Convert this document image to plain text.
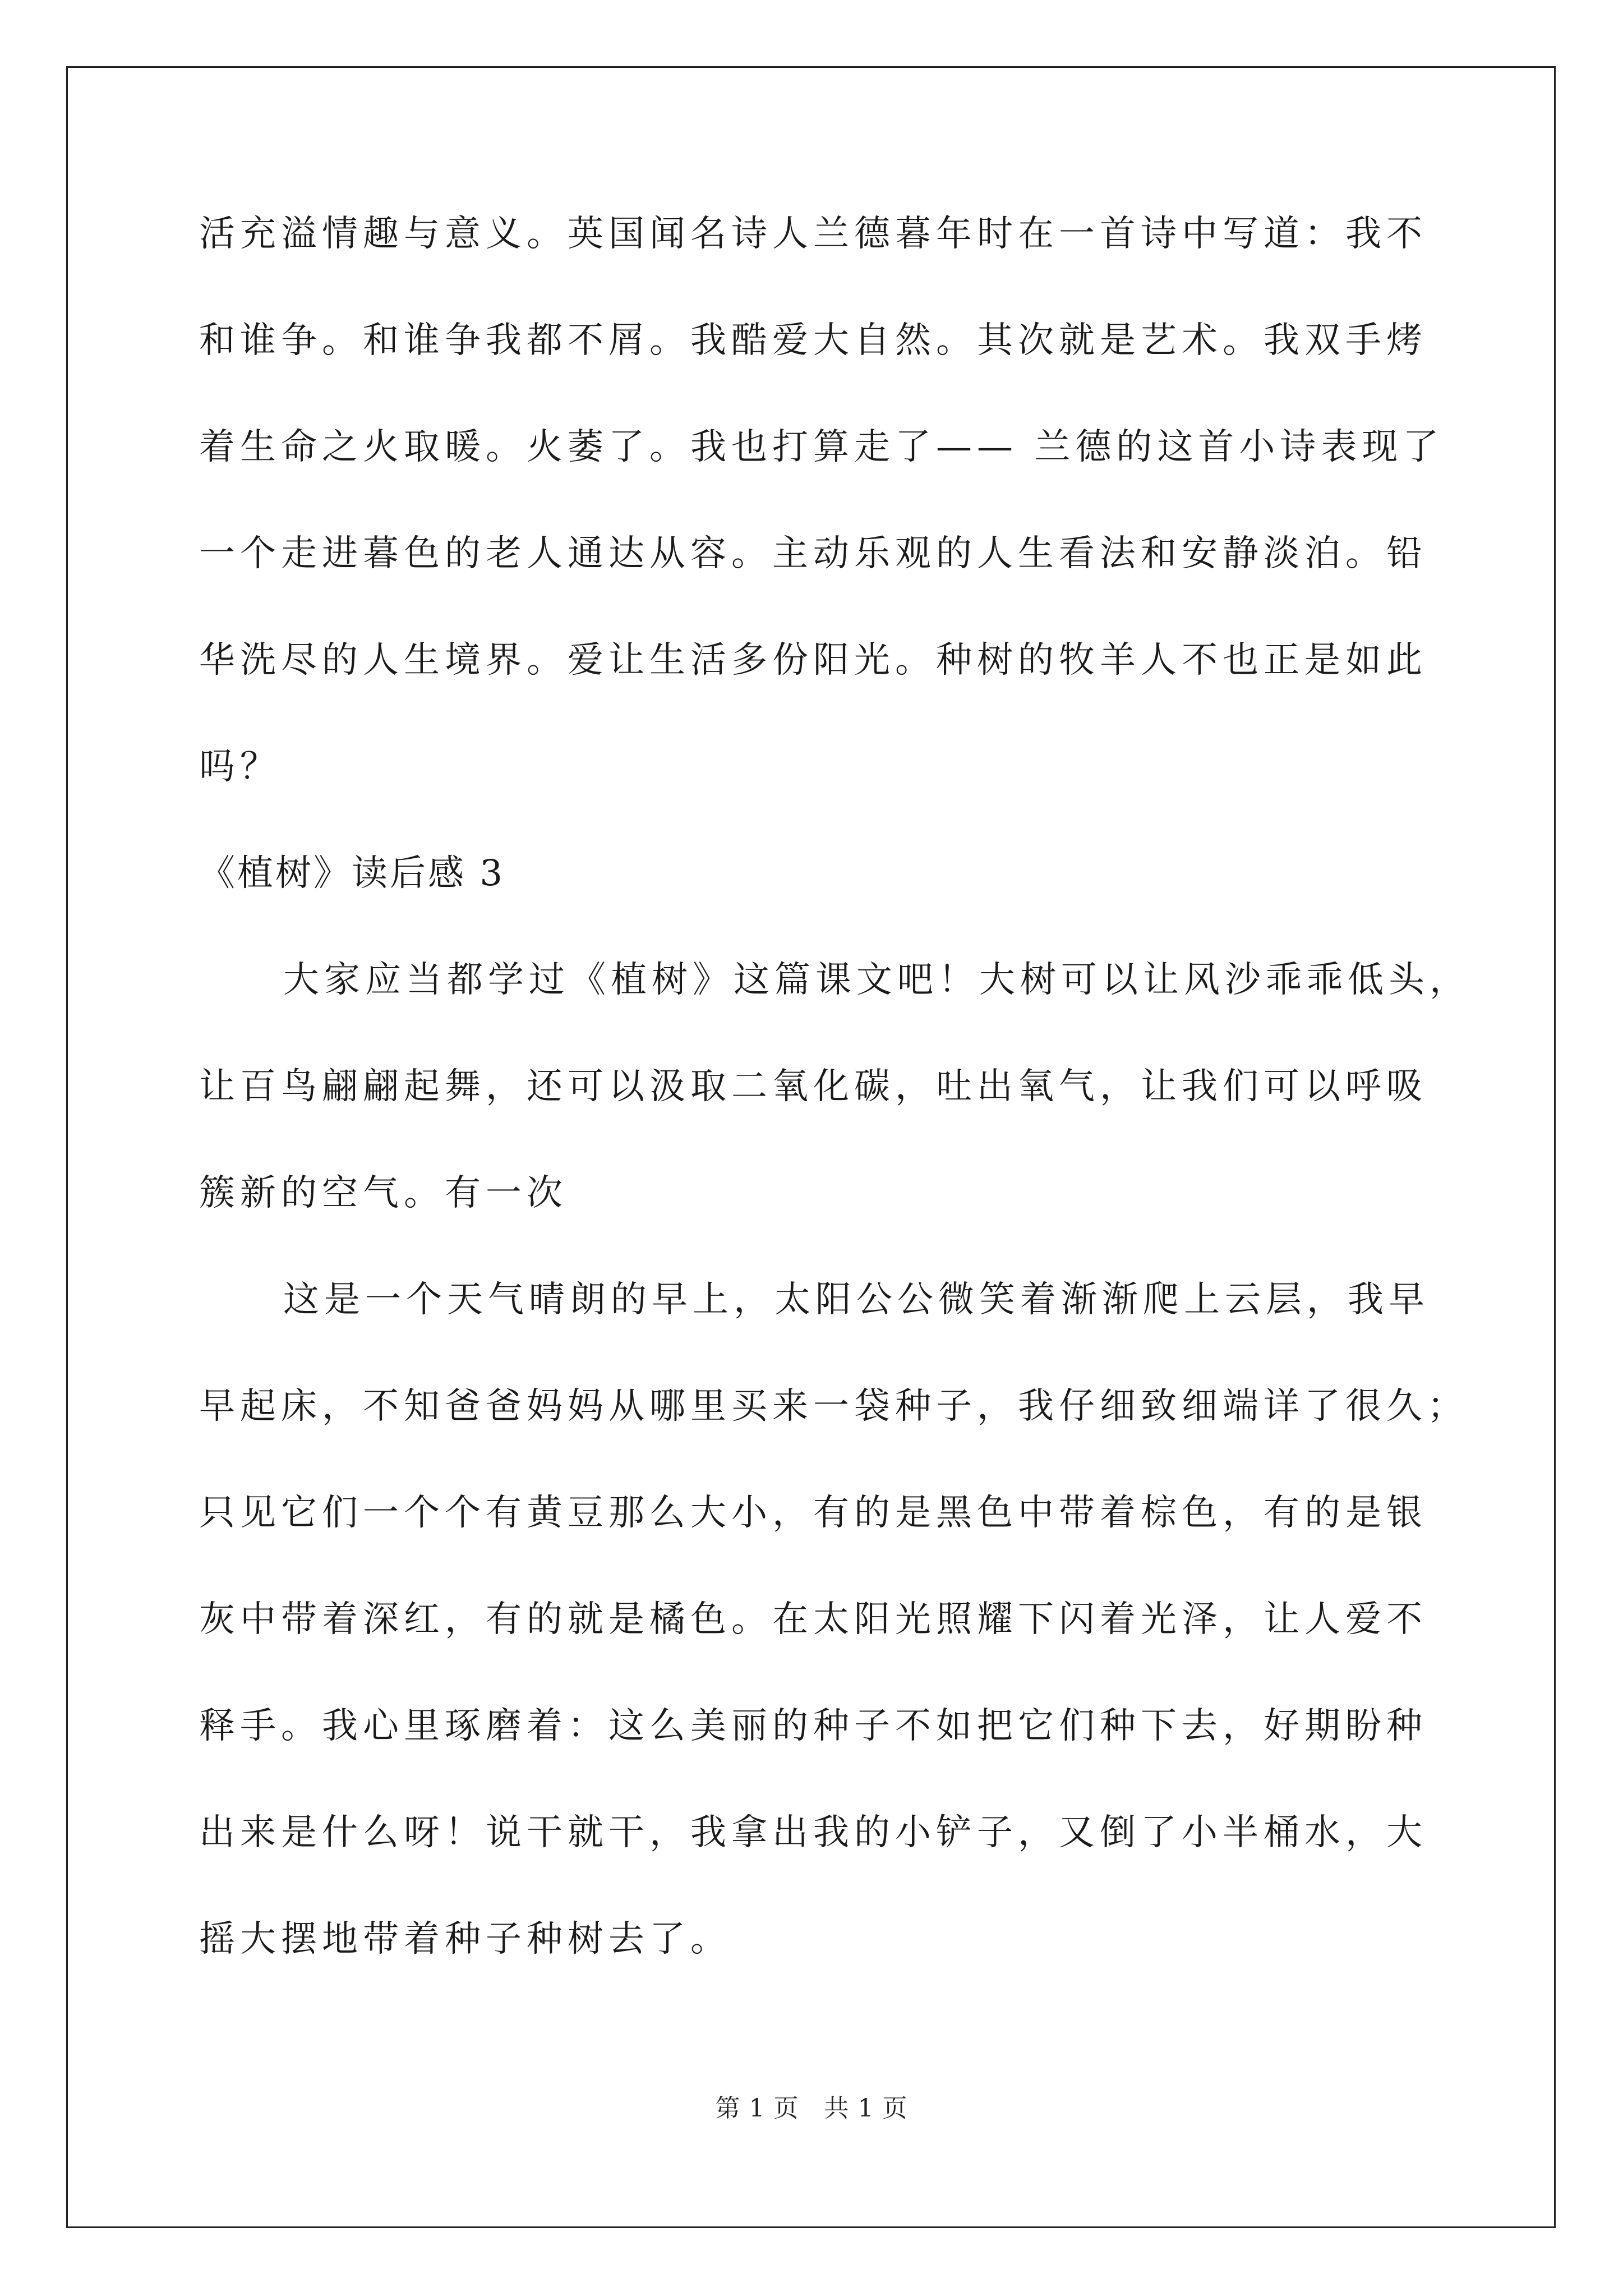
活充溢情趣与意义。英国闻名诗人兰德暮年时在一首诗中写道：我不
和谁争。和谁争我都不屑。我酷爱大自然。其次就是艺术。我双手烤
着生命之火取暖。火萎了。我也打算走了—— 兰德的这首小诗表现了
一个走进暮色的老人通达从容。主动乐观的人生看法和安静淡泊。铅
华洗尽的人生境界。爱让生活多份阳光。种树的牧羊人不也正是如此
吗？
《植树》读后感 3
大家应当都学过《植树》这篇课文吧！大树可以让风沙乖乖低头，
让百鸟翩翩起舞，还可以汲取二氧化碳，吐出氧气，让我们可以呼吸
簇新的空气。有一次
这是一个天气晴朗的早上，太阳公公微笑着渐渐爬上云层，我早
早起床，不知爸爸妈妈从哪里买来一袋种子，我仔细致细端详了很久；
只见它们一个个有黄豆那么大小，有的是黑色中带着棕色，有的是银
灰中带着深红，有的就是橘色。在太阳光照耀下闪着光泽，让人爱不
释手。我心里琢磨着：这么美丽的种子不如把它们种下去，好期盼种
出来是什么呀！说干就干，我拿出我的小铲子，又倒了小半桶水，大
摇大摆地带着种子种树去了。
第 1 页　共 1 页
